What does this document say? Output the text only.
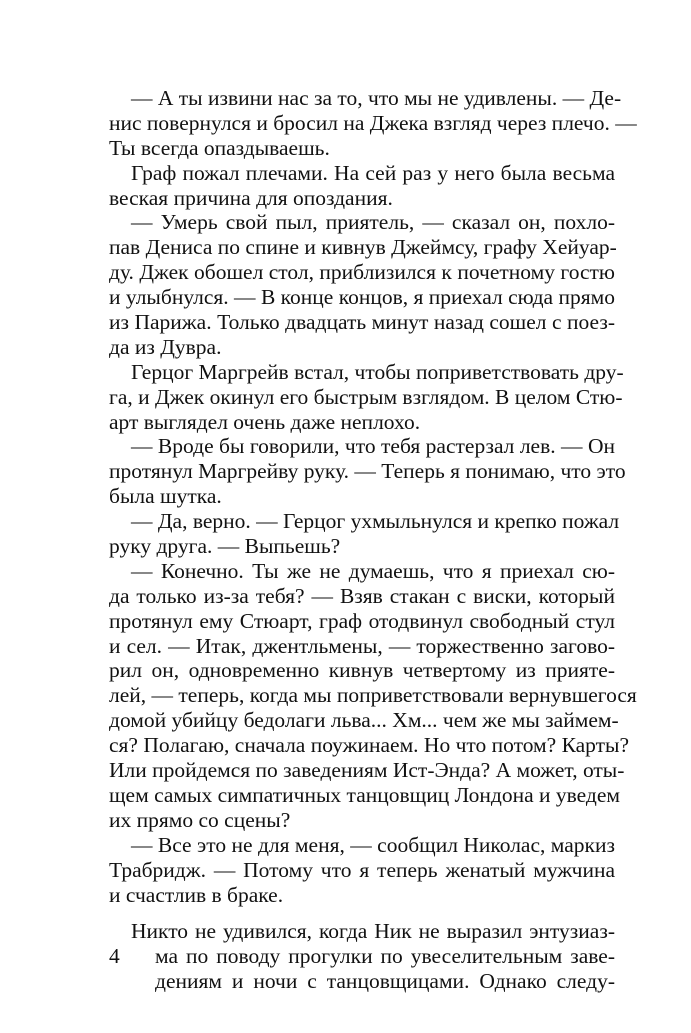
— А ты извини нас за то, что мы не удивлены. — Де-
нис повернулся и бросил на Джека взгляд через плечо. —
Ты всегда опаздываешь.
Граф пожал плечами. На сей раз у него была весьма
веская причина для опоздания.
— Умерь свой пыл, приятель, — сказал он, похло-
пав Дениса по спине и кивнув Джеймсу, графу Хейуар-
ду. Джек обошел стол, приблизился к почетному гостю
и улыбнулся. — В конце концов, я приехал сюда прямо
из Парижа. Только двадцать минут назад сошел с поез-
да из Дувра.
Герцог Маргрейв встал, чтобы поприветствовать дру-
га, и Джек окинул его быстрым взглядом. В целом Стю-
арт выглядел очень даже неплохо.
— Вроде бы говорили, что тебя растерзал лев. — Он
протянул Маргрейву руку. — Теперь я понимаю, что это
была шутка.
— Да, верно. — Герцог ухмыльнулся и крепко пожал
руку друга. — Выпьешь?
— Конечно. Ты же не думаешь, что я приехал сю-
да только из-за тебя? — Взяв стакан с виски, который
протянул ему Стюарт, граф отодвинул свободный стул
и сел. — Итак, джентльмены, — торжественно загово-
рил он, одновременно кивнув четвертому из прияте-
лей, — теперь, когда мы поприветствовали вернувшегося
домой убийцу бедолаги льва... Хм... чем же мы займем-
ся? Полагаю, сначала поужинаем. Но что потом? Карты?
Или пройдемся по заведениям Ист-Энда? А может, оты-
щем самых симпатичных танцовщиц Лондона и уведем
их прямо со сцены?
— Все это не для меня, — сообщил Николас, маркиз
Трабридж. — Потому что я теперь женатый мужчина
и счастлив в браке.
Никто не удивился, когда Ник не выразил энтузиаз-
ма по поводу прогулки по увеселительным заве-
дениям и ночи с танцовщицами. Однако следу-
4
